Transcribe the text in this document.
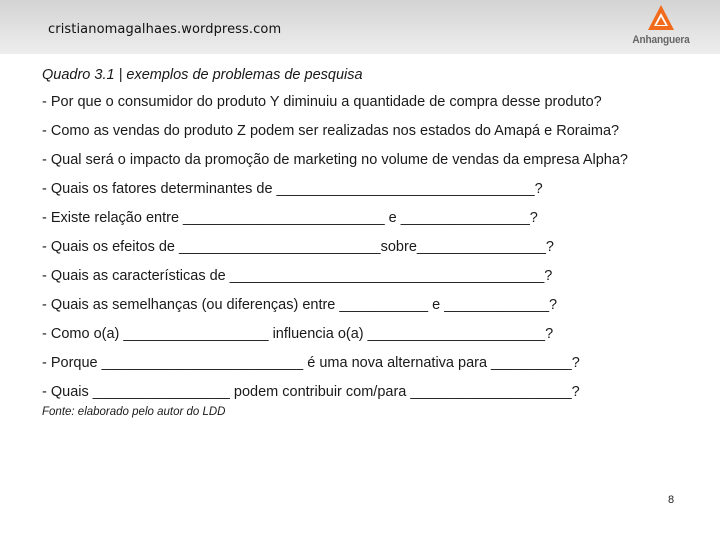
cristianomagalhaes.wordpress.com
Anhanguera
Quadro 3.1 | exemplos de problemas de pesquisa
- Por que o consumidor do produto Y diminuiu a quantidade de compra desse produto?
- Como as vendas do produto Z podem ser realizadas nos estados do Amapá e Roraima?
- Qual será o impacto da promoção de marketing no volume de vendas da empresa Alpha?
- Quais os fatores determinantes de ________________________________?
- Existe relação entre _________________________ e ________________?
- Quais os efeitos de _________________________sobre________________?
- Quais as características de _______________________________________?
- Quais as semelhanças (ou diferenças) entre ___________ e _____________?
- Como o(a) __________________ influencia o(a) ______________________?
- Porque _________________________ é uma nova alternativa para __________?
- Quais _________________ podem contribuir com/para ____________________?
Fonte: elaborado pelo autor do LDD
8
